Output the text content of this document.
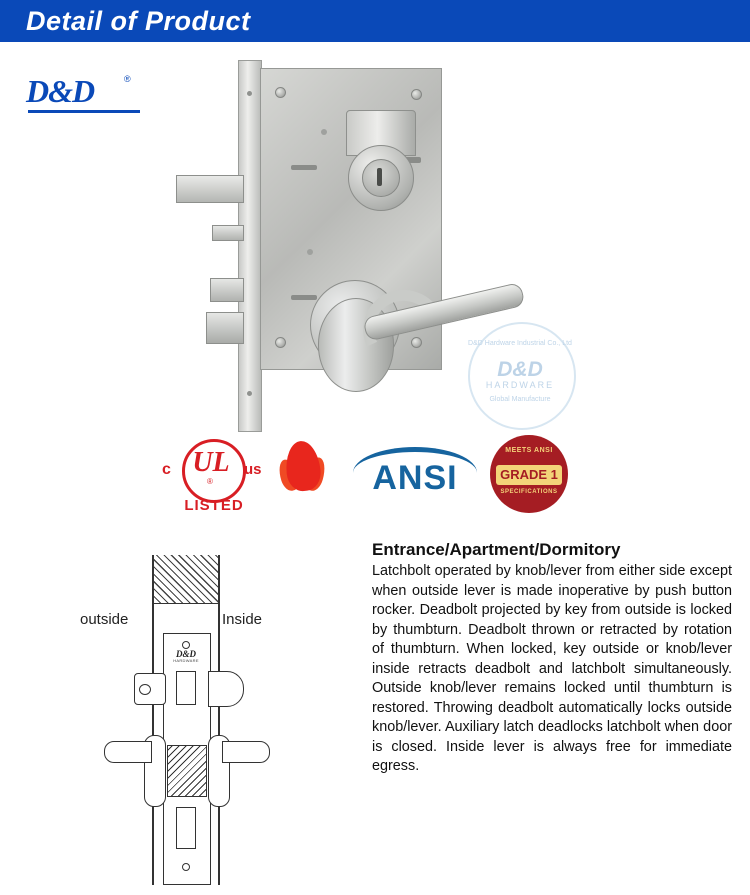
Detail of Product
D&D	®
D&D Hardware Industrial Co., Ltd
D&D
HARDWARE
Global Manufacture
c UL
®
us
LISTED
ANSI
MEETS ANSI
GRADE 1
SPECIFICATIONS
outside	Inside
D&D
HARDWARE
Entrance/Apartment/Dormitory
Latchbolt operated by knob/lever from either side except when outside lever is made inoperative by push button rocker. Deadbolt projected by key from outside is locked by thumbturn. Deadbolt thrown or retracted by rotation of thumbturn. When locked, key outside or knob/lever inside retracts deadbolt and latchbolt simultaneously. Outside knob/lever remains locked until thumbturn is restored. Throwing deadbolt automatically locks outside knob/lever. Auxiliary latch deadlocks latchbolt when door is closed. Inside lever is always free for immediate egress.
